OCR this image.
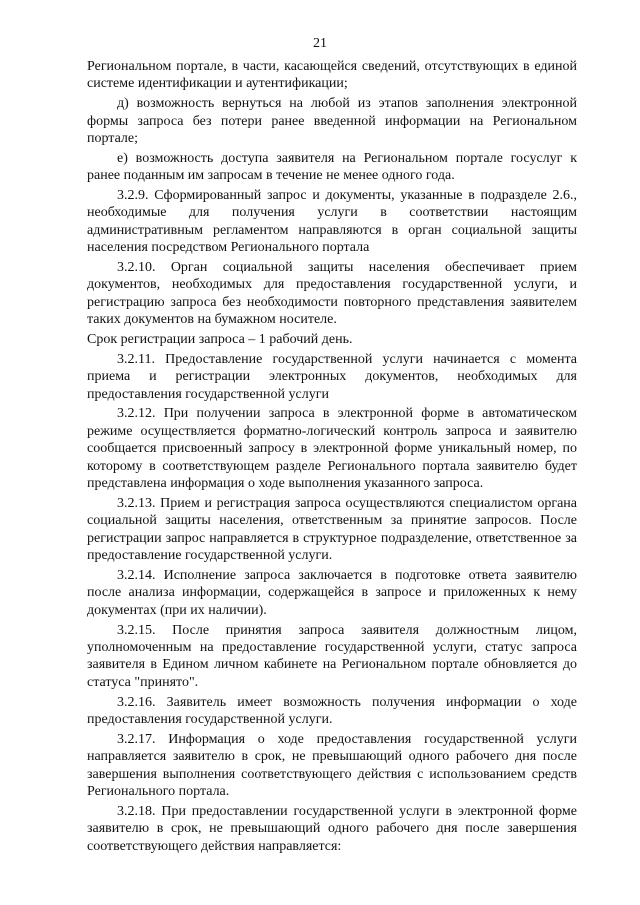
21

Региональном портале, в части, касающейся сведений, отсутствующих в единой системе идентификации и аутентификации;

д) возможность вернуться на любой из этапов заполнения электронной формы запроса без потери ранее введенной информации на Региональном портале;

е) возможность доступа заявителя на Региональном портале госуслуг к ранее поданным им запросам в течение не менее одного года.

3.2.9. Сформированный запрос и документы, указанные в подразделе 2.6., необходимые для получения услуги в соответствии настоящим административным регламентом направляются в орган социальной защиты населения посредством Регионального портала

3.2.10. Орган социальной защиты населения обеспечивает прием документов, необходимых для предоставления государственной услуги, и регистрацию запроса без необходимости повторного представления заявителем таких документов на бумажном носителе.

Срок регистрации запроса – 1 рабочий день.

3.2.11. Предоставление государственной услуги начинается с момента приема и регистрации электронных документов, необходимых для предоставления государственной услуги

3.2.12. При получении запроса в электронной форме в автоматическом режиме осуществляется форматно-логический контроль запроса и заявителю сообщается присвоенный запросу в электронной форме уникальный номер, по которому в соответствующем разделе Регионального портала заявителю будет представлена информация о ходе выполнения указанного запроса.

3.2.13. Прием и регистрация запроса осуществляются специалистом органа социальной защиты населения, ответственным за принятие запросов. После регистрации запрос направляется в структурное подразделение, ответственное за предоставление государственной услуги.

3.2.14. Исполнение запроса заключается в подготовке ответа заявителю после анализа информации, содержащейся в запросе и приложенных к нему документах (при их наличии).

3.2.15. После принятия запроса заявителя должностным лицом, уполномоченным на предоставление государственной услуги, статус запроса заявителя в Едином личном кабинете на Региональном портале обновляется до статуса "принято".

3.2.16. Заявитель имеет возможность получения информации о ходе предоставления государственной услуги.

3.2.17. Информация о ходе предоставления государственной услуги направляется заявителю в срок, не превышающий одного рабочего дня после завершения выполнения соответствующего действия с использованием средств Регионального портала.

3.2.18. При предоставлении государственной услуги в электронной форме заявителю в срок, не превышающий одного рабочего дня после завершения соответствующего действия направляется:
